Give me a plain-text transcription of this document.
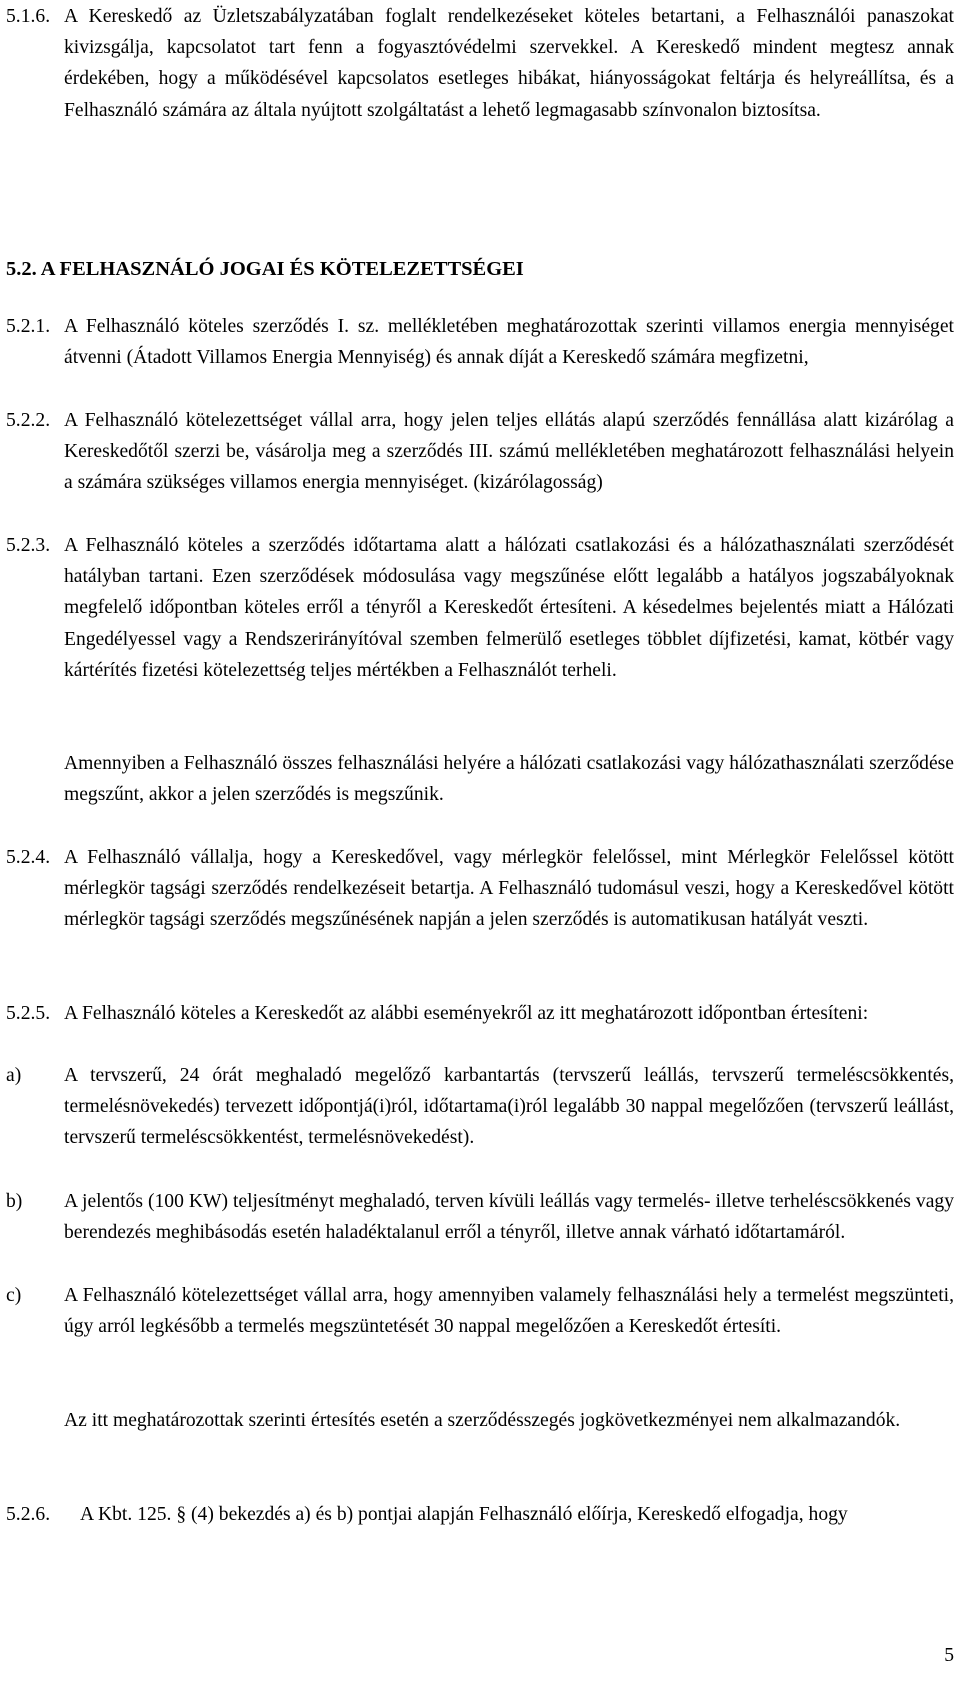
5.1.6. A Kereskedő az Üzletszabályzatában foglalt rendelkezéseket köteles betartani, a Felhasználói panaszokat kivizsgálja, kapcsolatot tart fenn a fogyasztóvédelmi szervekkel. A Kereskedő mindent megtesz annak érdekében, hogy a működésével kapcsolatos esetleges hibákat, hiányosságokat feltárja és helyreállítsa, és a Felhasználó számára az általa nyújtott szolgáltatást a lehető legmagasabb színvonalon biztosítsa.
5.2. A FELHASZNÁLÓ JOGAI ÉS KÖTELEZETTSÉGEI
5.2.1. A Felhasználó köteles szerződés I. sz. mellékletében meghatározottak szerinti villamos energia mennyiséget átvenni (Átadott Villamos Energia Mennyiség) és annak díját a Kereskedő számára megfizetni,
5.2.2. A Felhasználó kötelezettséget vállal arra, hogy jelen teljes ellátás alapú szerződés fennállása alatt kizárólag a Kereskedőtől szerzi be, vásárolja meg a szerződés III. számú mellékletében meghatározott felhasználási helyein a számára szükséges villamos energia mennyiséget. (kizárólagosság)
5.2.3. A Felhasználó köteles a szerződés időtartama alatt a hálózati csatlakozási és a hálózathasználati szerződését hatályban tartani. Ezen szerződések módosulása vagy megszűnése előtt legalább a hatályos jogszabályoknak megfelelő időpontban köteles erről a tényről a Kereskedőt értesíteni. A késedelmes bejelentés miatt a Hálózati Engedélyessel vagy a Rendszerirányítóval szemben felmerülő esetleges többlet díjfizetési, kamat, kötbér vagy kártérítés fizetési kötelezettség teljes mértékben a Felhasználót terheli.
Amennyiben a Felhasználó összes felhasználási helyére a hálózati csatlakozási vagy hálózathasználati szerződése megszűnt, akkor a jelen szerződés is megszűnik.
5.2.4. A Felhasználó vállalja, hogy a Kereskedővel, vagy mérlegkör felelőssel, mint Mérlegkör Felelőssel kötött mérlegkör tagsági szerződés rendelkezéseit betartja. A Felhasználó tudomásul veszi, hogy a Kereskedővel kötött mérlegkör tagsági szerződés megszűnésének napján a jelen szerződés is automatikusan hatályát veszti.
5.2.5. A Felhasználó köteles a Kereskedőt az alábbi eseményekről az itt meghatározott időpontban értesíteni:
a) A tervszerű, 24 órát meghaladó megelőző karbantartás (tervszerű leállás, tervszerű termeléscsökkentés, termelésnövekedés) tervezett időpontjá(i)ról, időtartama(i)ról legalább 30 nappal megelőzően (tervszerű leállást, tervszerű termeléscsökkentést, termelésnövekedést).
b) A jelentős (100 KW) teljesítményt meghaladó, terven kívüli leállás vagy termelés- illetve terheléscsökkenés vagy berendezés meghibásodás esetén haladéktalanul erről a tényről, illetve annak várható időtartamáról.
c) A Felhasználó kötelezettséget vállal arra, hogy amennyiben valamely felhasználási hely a termelést megszünteti, úgy arról legkésőbb a termelés megszüntetését 30 nappal megelőzően a Kereskedőt értesíti.
Az itt meghatározottak szerinti értesítés esetén a szerződésszegés jogkövetkezményei nem alkalmazandók.
5.2.6. A Kbt. 125. § (4) bekezdés a) és b) pontjai alapján Felhasználó előírja, Kereskedő elfogadja, hogy
5
